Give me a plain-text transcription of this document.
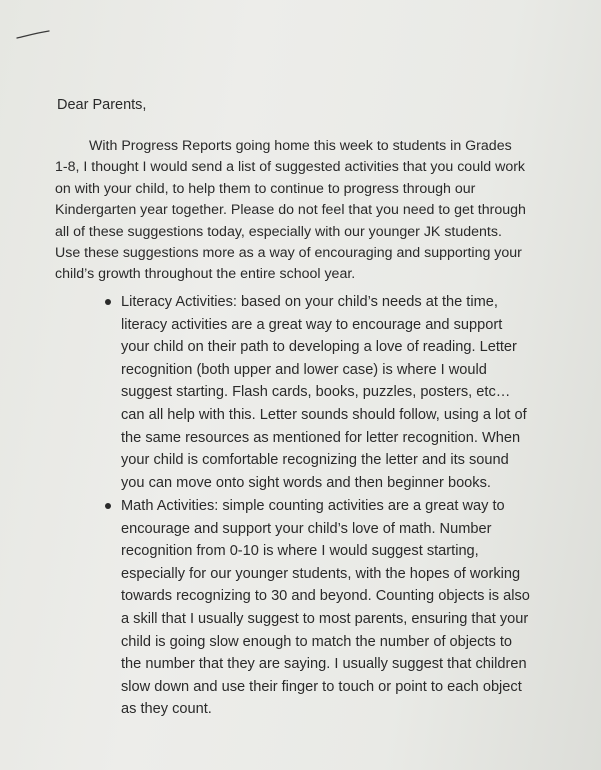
Dear Parents,
With Progress Reports going home this week to students in Grades
1-8, I thought I would send a list of suggested activities that you could work
on with your child, to help them to continue to progress through our
Kindergarten year together. Please do not feel that you need to get through
all of these suggestions today, especially with our younger JK students.
Use these suggestions more as a way of encouraging and supporting your
child’s growth throughout the entire school year.
Literacy Activities: based on your child’s needs at the time,
literacy activities are a great way to encourage and support
your child on their path to developing a love of reading. Letter
recognition (both upper and lower case) is where I would
suggest starting. Flash cards, books, puzzles, posters, etc…
can all help with this. Letter sounds should follow, using a lot of
the same resources as mentioned for letter recognition. When
your child is comfortable recognizing the letter and its sound
you can move onto sight words and then beginner books.
Math Activities: simple counting activities are a great way to
encourage and support your child’s love of math. Number
recognition from 0-10 is where I would suggest starting,
especially for our younger students, with the hopes of working
towards recognizing to 30 and beyond. Counting objects is also
a skill that I usually suggest to most parents, ensuring that your
child is going slow enough to match the number of objects to
the number that they are saying. I usually suggest that children
slow down and use their finger to touch or point to each object
as they count.
